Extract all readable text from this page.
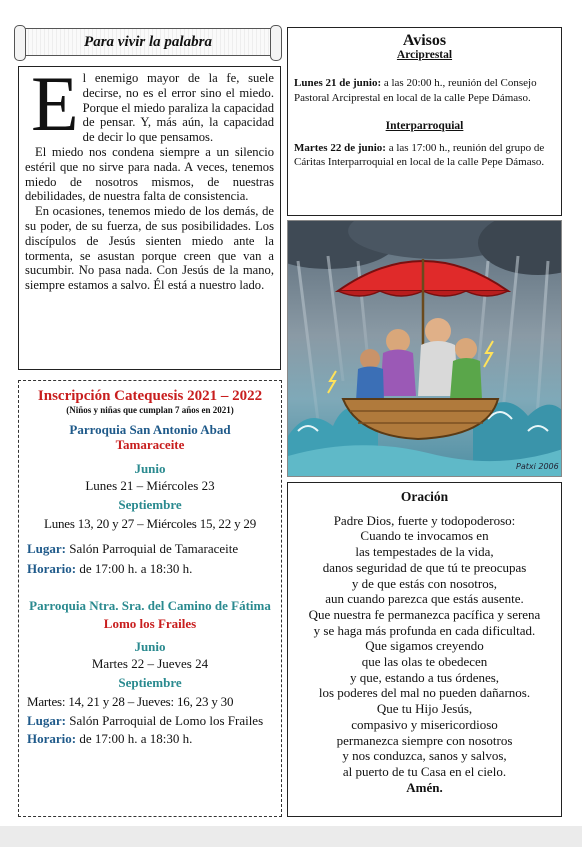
Para vivir la palabra
E l enemigo mayor de la fe, suele decirse, no es el error sino el miedo. Porque el miedo paraliza la capacidad de pensar. Y, más aún, la capacidad de decir lo que pensamos.

El miedo nos condena siempre a un silencio estéril que no sirve para nada. A veces, tenemos miedo de nosotros mismos, de nuestras debilidades, de nuestra falta de consistencia.

En ocasiones, tenemos miedo de los demás, de su poder, de su fuerza, de sus posibilidades. Los discípulos de Jesús sienten miedo ante la tormenta, se asustan porque creen que van a sucumbir. No pasa nada. Con Jesús de la mano, siempre estamos a salvo. Él está a nuestro lado.

Avisos

Arciprestal

Lunes 21 de junio: a las 20:00 h., reunión del Consejo Pastoral Arciprestal en local de la calle Pepe Dámaso.

Interparroquial

Martes 22 de junio: a las 17:00 h., reunión del grupo de Cáritas Interparroquial en local de la calle Pepe Dámaso.

Patxi 2006
Inscripción Catequesis 2021 – 2022
(Niños y niñas que cumplan 7 años en 2021)
Parroquia San Antonio Abad
Tamaraceite
Junio
Lunes 21 – Miércoles 23
Septiembre
Lunes 13, 20 y 27 – Miércoles 15, 22 y 29
Lugar: Salón Parroquial de Tamaraceite
Horario: de 17:00 h. a 18:30 h.
Parroquia Ntra. Sra. del Camino de Fátima
Lomo los Frailes
Junio
Martes 22 – Jueves 24
Septiembre
Martes: 14, 21 y 28 – Jueves: 16, 23 y 30
Lugar: Salón Parroquial de Lomo los Frailes
Horario: de 17:00 h. a 18:30 h.
Oración
Padre Dios, fuerte y todopoderoso:
Cuando te invocamos en
las tempestades de la vida,
danos seguridad de que tú te preocupas
y de que estás con nosotros,
aun cuando parezca que estás ausente.
Que nuestra fe permanezca pacífica y serena
y se haga más profunda en cada dificultad.
Que sigamos creyendo
que las olas te obedecen
y que, estando a tus órdenes,
los poderes del mal no pueden dañarnos.
Que tu Hijo Jesús,
compasivo y misericordioso
permanezca siempre con nosotros
y nos conduzca, sanos y salvos,
al puerto de tu Casa en el cielo.
Amén.
